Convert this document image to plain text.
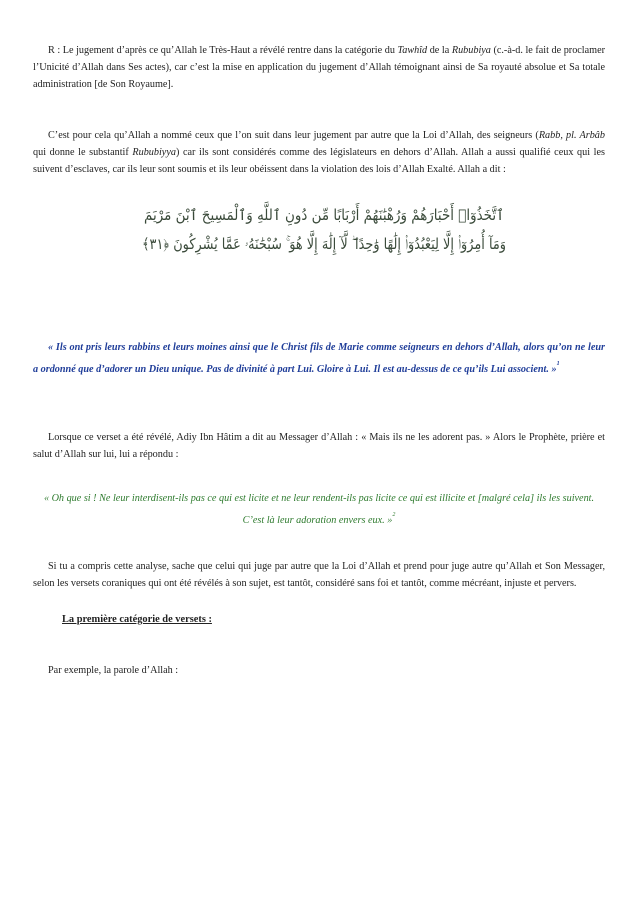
R : Le jugement d’après ce qu’Allah le Très-Haut a révélé rentre dans la catégorie du Tawhîd de la Rububiya (c.-à-d. le fait de proclamer l’Unicité d’Allah dans Ses actes), car c’est la mise en application du jugement d’Allah témoignant ainsi de Sa royauté absolue et Sa totale administration [de Son Royaume].

C’est pour cela qu’Allah a nommé ceux que l’on suit dans leur jugement par autre que la Loi d’Allah, des seigneurs (Rabb, pl. Arbâb qui donne le substantif Rububiyya) car ils sont considérés comme des législateurs en dehors d’Allah. Allah a aussi qualifié ceux qui les suivent d’esclaves, car ils leur sont soumis et ils leur obéissent dans la violation des lois d’Allah Exalté. Allah a dit :

ٱتَّخَذُوٓا۟ أَحْبَارَهُمْ وَرُهْبَٰنَهُمْ أَرْبَابًا مِّن دُونِ ٱللَّهِ وَٱلْمَسِيحَ ٱبْنَ مَرْيَمَ
وَمَآ أُمِرُوٓا۟ إِلَّا لِيَعْبُدُوٓا۟ إِلَٰهًا وَٰحِدًا ۖ لَّآ إِلَٰهَ إِلَّا هُوَ ۚ سُبْحَٰنَهُۥ عَمَّا يُشْرِكُونَ ﴿٣١﴾

« Ils ont pris leurs rabbins et leurs moines ainsi que le Christ fils de Marie comme seigneurs en dehors d’Allah, alors qu’on ne leur a ordonné que d’adorer un Dieu unique. Pas de divinité à part Lui. Gloire à Lui. Il est au-dessus de ce qu’ils Lui associent. »$^1$

Lorsque ce verset a été révélé, Adiy Ibn Hâtim a dit au Messager d’Allah : « Mais ils ne les adorent pas. » Alors le Prophète, prière et salut d’Allah sur lui, lui a répondu :

« Oh que si ! Ne leur interdisent-ils pas ce qui est licite et ne leur rendent-ils pas licite ce qui est illicite et [malgré cela] ils les suivent.
C’est là leur adoration envers eux. »$^2$

Si tu a compris cette analyse, sache que celui qui juge par autre que la Loi d’Allah et prend pour juge autre qu’Allah et Son Messager, selon les versets coraniques qui ont été révélés à son sujet, est tantôt, considéré sans foi et tantôt, comme mécréant, injuste et pervers.

La première catégorie de versets :

Par exemple, la parole d’Allah :
